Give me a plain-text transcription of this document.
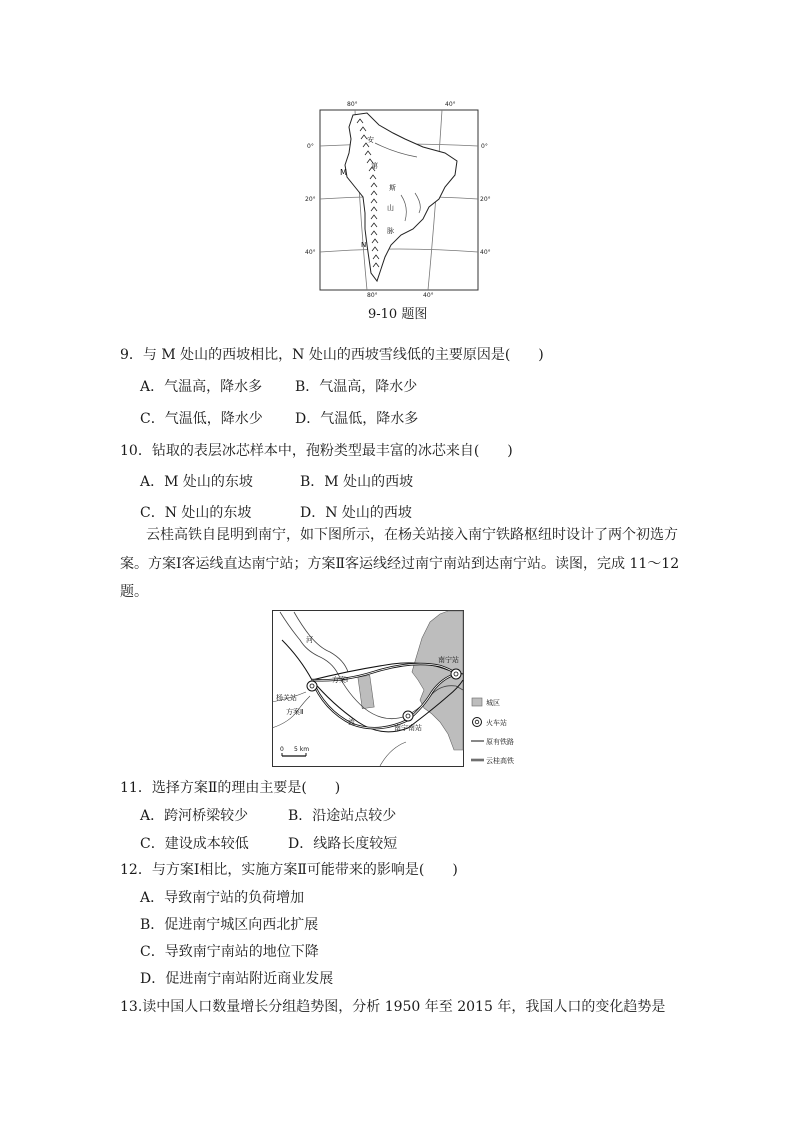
80°	40°
80°	40°
0°
20°
40°
0°
20°
40°
M
N
安
第
斯
山
脉
9-10 题图
9．与 M 处山的西坡相比，N 处山的西坡雪线低的主要原因是(　　)
A．气温高，降水多 B．气温高，降水少
C．气温低，降水少 D．气温低，降水多
10．钻取的表层冰芯样本中，孢粉类型最丰富的冰芯来自(　　)
A．M 处山的东坡	B．M 处山的西坡
C．N 处山的东坡	D．N 处山的西坡
云桂高铁自昆明到南宁，如下图所示，在杨关站接入南宁铁路枢纽时设计了两个初选方
案。方案Ⅰ客运线直达南宁站；方案Ⅱ客运线经过南宁南站到达南宁站。读图，完成 11～12
题。
河
流
杨关站
南宁站
南宁南站
方案Ⅰ
方案Ⅱ
0 5 km
城区
火车站
原有铁路
云桂高铁
11．选择方案Ⅱ的理由主要是(　　)
A．跨河桥梁较少	B．沿途站点较少
C．建设成本较低	D．线路长度较短
12．与方案Ⅰ相比，实施方案Ⅱ可能带来的影响是(　　)
A．导致南宁站的负荷增加
B．促进南宁城区向西北扩展
C．导致南宁南站的地位下降
D．促进南宁南站附近商业发展
13.读中国人口数量增长分组趋势图，分析 1950 年至 2015 年，我国人口的变化趋势是
